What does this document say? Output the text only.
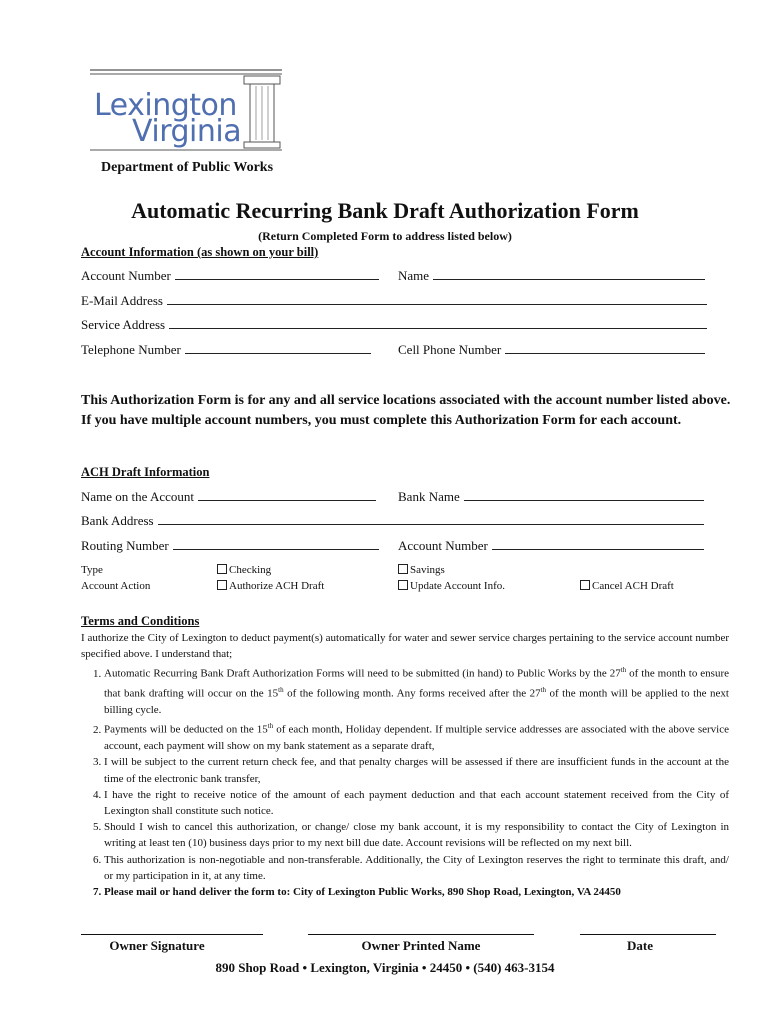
Lexington
Virginia
Department of Public Works
Automatic Recurring Bank Draft Authorization Form
(Return Completed Form to address listed below)
Account Information (as shown on your bill)
Account Number	Name
E-Mail Address
Service Address
Telephone Number	Cell Phone Number
This Authorization Form is for any and all service locations associated with the account number listed above. If you have multiple account numbers, you must complete this Authorization Form for each account.
ACH Draft Information
Name on the Account	Bank Name
Bank Address
Routing Number	Account Number
Type	Checking	Savings
Account Action	Authorize ACH Draft	Update Account Info.	Cancel ACH Draft
Terms and Conditions
I authorize the City of Lexington to deduct payment(s) automatically for water and sewer service charges pertaining to the service account number specified above. I understand that;
1. Automatic Recurring Bank Draft Authorization Forms will need to be submitted (in hand) to Public Works by the 27th of the month to ensure that bank drafting will occur on the 15th of the following month. Any forms received after the 27th of the month will be applied to the next billing cycle.
2. Payments will be deducted on the 15th of each month, Holiday dependent. If multiple service addresses are associated with the above service account, each payment will show on my bank statement as a separate draft,
3. I will be subject to the current return check fee, and that penalty charges will be assessed if there are insufficient funds in the account at the time of the electronic bank transfer,
4. I have the right to receive notice of the amount of each payment deduction and that each account statement received from the City of Lexington shall constitute such notice.
5. Should I wish to cancel this authorization, or change/ close my bank account, it is my responsibility to contact the City of Lexington in writing at least ten (10) business days prior to my next bill due date. Account revisions will be reflected on my next bill.
6. This authorization is non-negotiable and non-transferable. Additionally, the City of Lexington reserves the right to terminate this draft, and/ or my participation in it, at any time.
7. Please mail or hand deliver the form to: City of Lexington Public Works, 890 Shop Road, Lexington, VA 24450
Owner Signature	Owner Printed Name	Date
890 Shop Road • Lexington, Virginia • 24450 • (540) 463-3154
